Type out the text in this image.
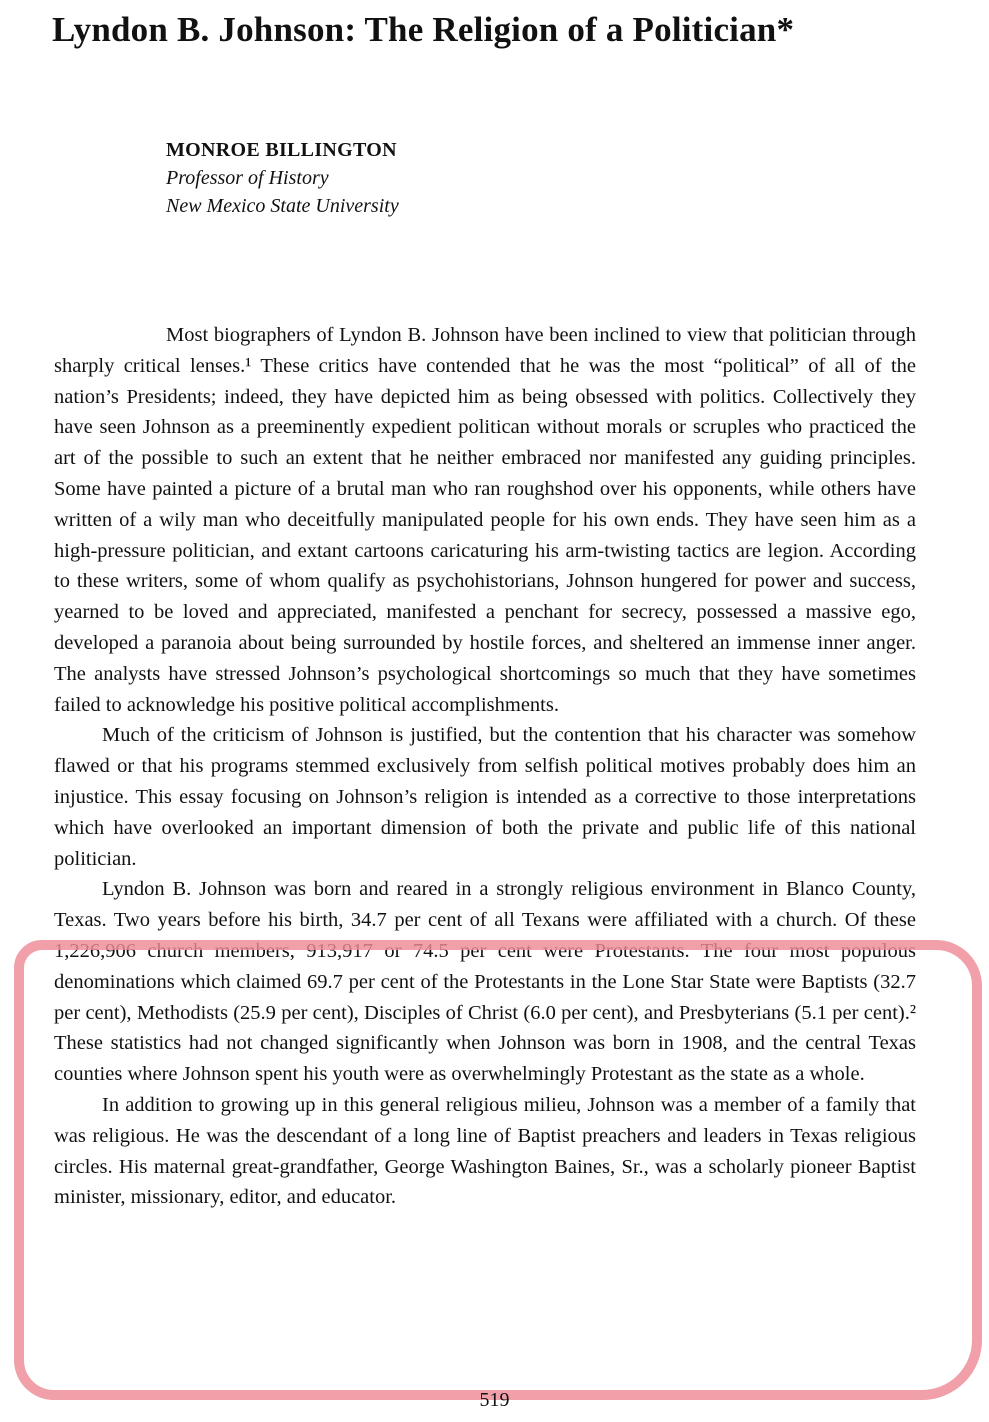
Lyndon B. Johnson: The Religion of a Politician*
MONROE BILLINGTON
Professor of History
New Mexico State University

Most biographers of Lyndon B. Johnson have been inclined to view that politician through sharply critical lenses.¹ These critics have contended that he was the most “political” of all of the nation’s Presidents; indeed, they have depicted him as being obsessed with politics. Collectively they have seen Johnson as a preeminently expedient politican without morals or scruples who practiced the art of the possible to such an extent that he neither embraced nor manifested any guiding principles. Some have painted a picture of a brutal man who ran roughshod over his opponents, while others have written of a wily man who deceitfully manipulated people for his own ends. They have seen him as a high-pressure politician, and extant cartoons caricaturing his arm-twisting tactics are legion. According to these writers, some of whom qualify as psychohistorians, Johnson hungered for power and success, yearned to be loved and appreciated, manifested a penchant for secrecy, possessed a massive ego, developed a paranoia about being surrounded by hostile forces, and sheltered an immense inner anger. The analysts have stressed Johnson’s psychological shortcomings so much that they have sometimes failed to acknowledge his positive political accomplishments.

Much of the criticism of Johnson is justified, but the contention that his character was somehow flawed or that his programs stemmed exclusively from selfish political motives probably does him an injustice. This essay focusing on Johnson’s religion is intended as a corrective to those interpretations which have overlooked an important dimension of both the private and public life of this national politician.

Lyndon B. Johnson was born and reared in a strongly religious environment in Blanco County, Texas. Two years before his birth, 34.7 per cent of all Texans were affiliated with a church. Of these 1,226,906 church members, 913,917 or 74.5 per cent were Protestants. The four most populous denominations which claimed 69.7 per cent of the Protestants in the Lone Star State were Baptists (32.7 per cent), Methodists (25.9 per cent), Disciples of Christ (6.0 per cent), and Presbyterians (5.1 per cent).² These statistics had not changed significantly when Johnson was born in 1908, and the central Texas counties where Johnson spent his youth were as overwhelmingly Protestant as the state as a whole.

In addition to growing up in this general religious milieu, Johnson was a member of a family that was religious. He was the descendant of a long line of Baptist preachers and leaders in Texas religious circles. His maternal great-grandfather, George Washington Baines, Sr., was a scholarly pioneer Baptist minister, missionary, editor, and educator.

519
